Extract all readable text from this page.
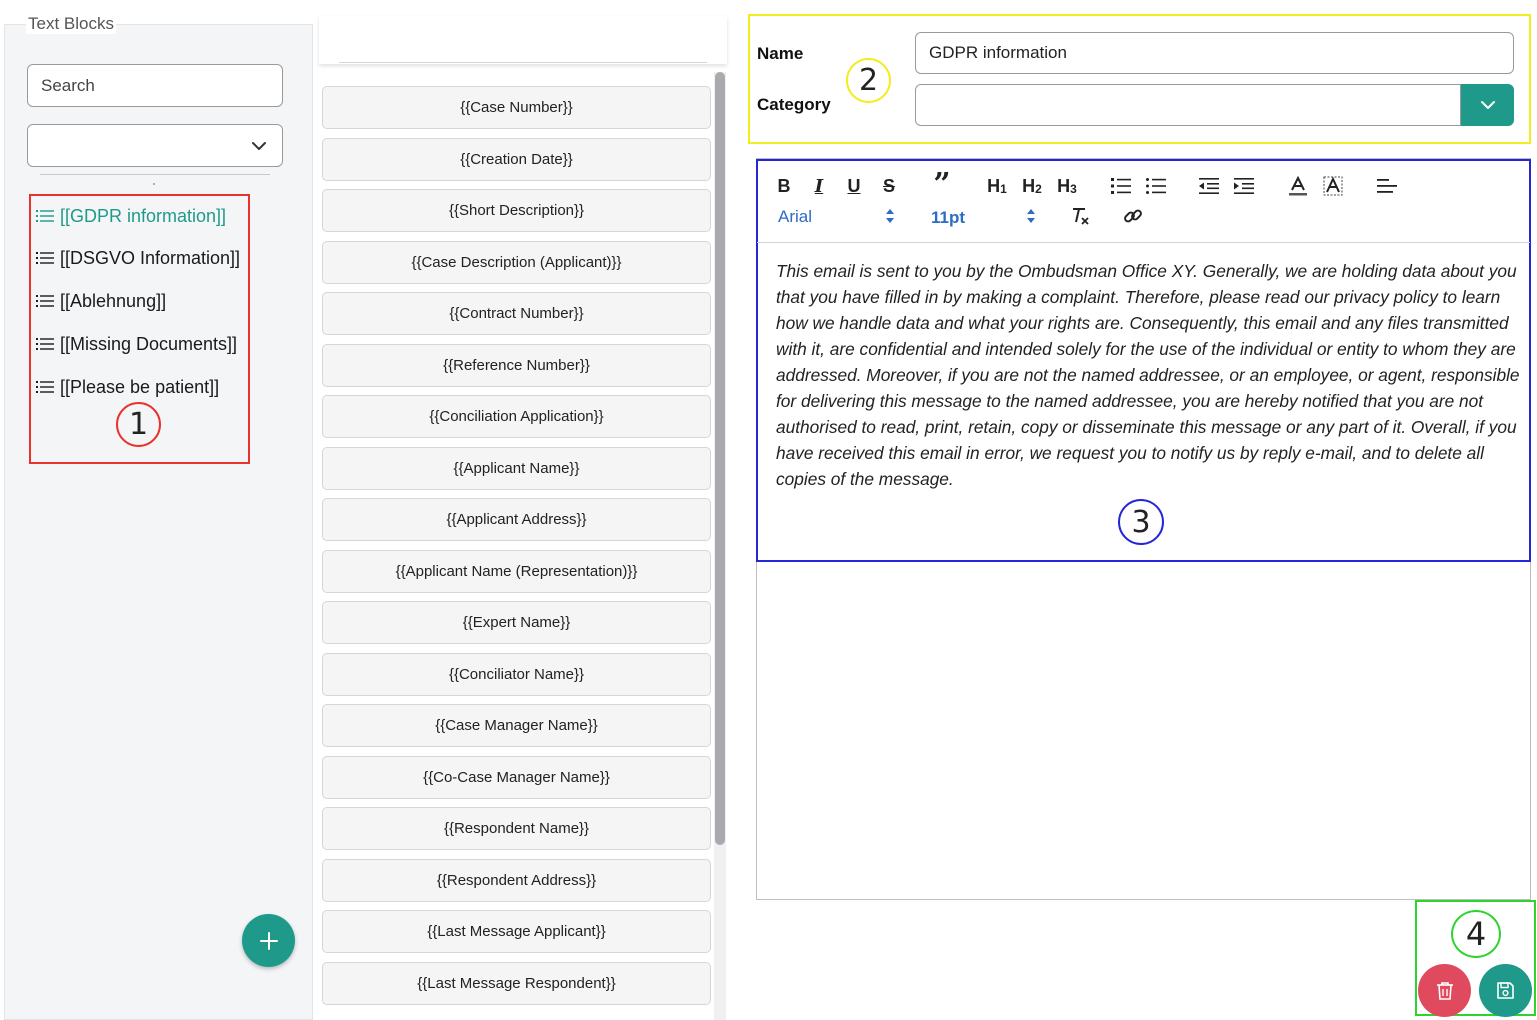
Text Blocks
Search
[[GDPR information]]
[[DSGVO Information]]
[[Ablehnung]]
[[Missing Documents]]
[[Please be patient]]
1
{{Case Number}}
{{Creation Date}}
{{Short Description}}
{{Case Description (Applicant)}}
{{Contract Number}}
{{Reference Number}}
{{Conciliation Application}}
{{Applicant Name}}
{{Applicant Address}}
{{Applicant Name (Representation)}}
{{Expert Name}}
{{Conciliator Name}}
{{Case Manager Name}}
{{Co-Case Manager Name}}
{{Respondent Name}}
{{Respondent Address}}
{{Last Message Applicant}}
{{Last Message Respondent}}
Name
Category
2
GDPR information
B I U S ” H 1 H 2 H 3
Arial	11pt
This email is sent to you by the Ombudsman Office XY. Generally, we are holding data about you that you have filled in by making a complaint. Therefore, please read our privacy policy to learn how we handle data and what your rights are. Consequently, this email and any files transmitted with it, are confidential and intended solely for the use of the individual or entity to whom they are addressed. Moreover, if you are not the named addressee, or an employee, or agent, responsible for delivering this message to the named addressee, you are hereby notified that you are not authorised to read, print, retain, copy or disseminate this message or any part of it. Overall, if you have received this email in error, we request you to notify us by reply e-mail, and to delete all copies of the message.
3
4
